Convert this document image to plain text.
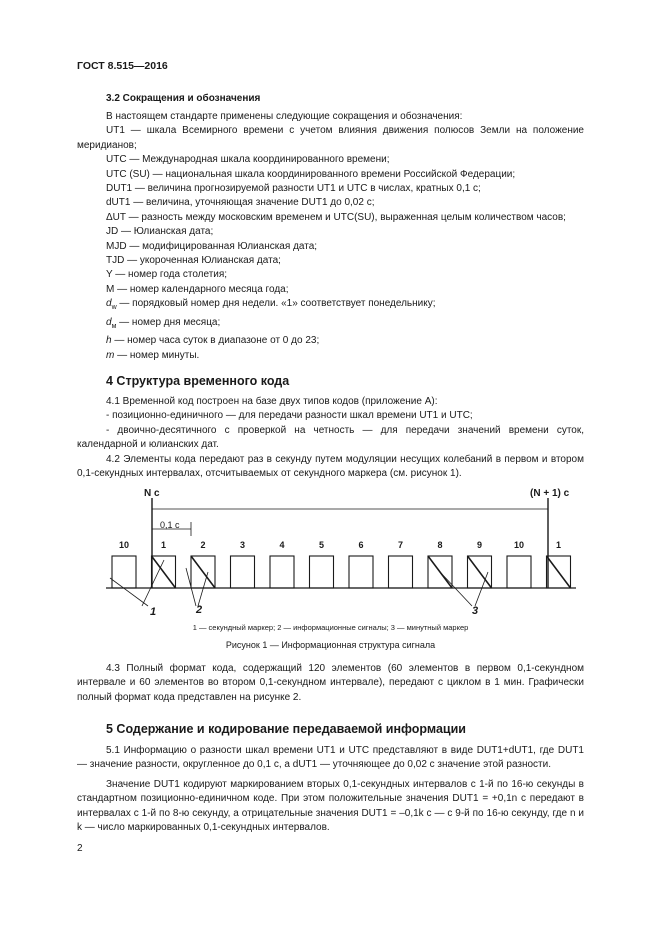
ГОСТ 8.515—2016
3.2 Сокращения и обозначения

В настоящем стандарте применены следующие сокращения и обозначения:

UT1 — шкала Всемирного времени с учетом влияния движения полюсов Земли на положение меридианов;

UTC — Международная шкала координированного времени;

UTC (SU) — национальная шкала координированного времени Российской Федерации;

DUT1 — величина прогнозируемой разности UT1 и UTC в числах, кратных 0,1 с;

dUT1 — величина, уточняющая значение DUT1 до 0,02 с;

ΔUT — разность между московским временем и UTC(SU), выраженная целым количеством часов;

JD — Юлианская дата;

MJD — модифицированная Юлианская дата;

TJD — укороченная Юлианская дата;

Y — номер года столетия;

M — номер календарного месяца года;

$d_w$ — порядковый номер дня недели. «1» соответствует понедельнику;

$d_м$ — номер дня месяца;

h — номер часа суток в диапазоне от 0 до 23;

m — номер минуты.

4 Структура временного кода

4.1 Временной код построен на базе двух типов кодов (приложение А):

- позиционно-единичного — для передачи разности шкал времени UT1 и UTC;

- двоично-десятичного с проверкой на четность — для передачи значений времени суток, календарной и юлианских дат.

4.2 Элементы кода передают раз в секунду путем модуляции несущих колебаний в первом и втором 0,1-секундных интервалах, отсчитываемых от секундного маркера (см. рисунок 1).

N c	(N + 1) c
0,1 с
10	1	2	3	4	5	6	7	8	9	10	1
1	2	3
1 — секундный маркер; 2 — информационные сигналы; 3 — минутный маркер
Рисунок 1 — Информационная структура сигнала

4.3 Полный формат кода, содержащий 120 элементов (60 элементов в первом 0,1-секундном интервале и 60 элементов во втором 0,1-секундном интервале), передают с циклом в 1 мин. Графически полный формат кода представлен на рисунке 2.

5 Содержание и кодирование передаваемой информации

5.1 Информацию о разности шкал времени UT1 и UTC представляют в виде DUT1+dUT1, где DUT1 — значение разности, округленное до 0,1 с, a dUT1 — уточняющее до 0,02 с значение этой разности.

Значение DUT1 кодируют маркированием вторых 0,1-секундных интервалов с 1-й по 16-ю секунды в стандартном позиционно-единичном коде. При этом положительные значения DUT1 = +0,1n с передают в интервалах с 1-й по 8-ю секунду, а отрицательные значения DUT1 = –0,1k с — с 9-й по 16-ю секунду, где n и k — число маркированных 0,1-секундных интервалов.

2
